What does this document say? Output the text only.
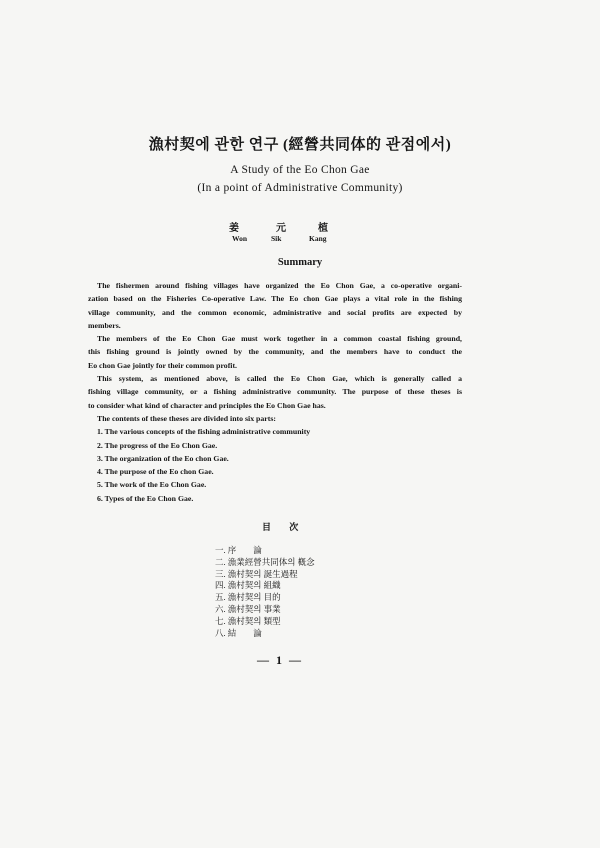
漁村契에 관한 연구 (經營共同体的 관점에서)
A Study of the Eo Chon Gae
(In a point of Administrative Community)
姜	元	植
Won	Sik	Kang
Summary
The fishermen around fishing villages have organized the Eo Chon Gae, a co-operative organi-
zation based on the Fisheries Co-operative Law. The Eo chon Gae plays a vital role in the fishing
village community, and the common economic, administrative and social profits are expected by
members.
The members of the Eo Chon Gae must work together in a common coastal fishing ground,
this fishing ground is jointly owned by the community, and the members have to conduct the
Eo chon Gae jointly for their common profit.
This system, as mentioned above, is called the Eo Chon Gae, which is generally called a
fishing village community, or a fishing administrative community. The purpose of these theses is
to consider what kind of character and principles the Eo Chon Gae has.
The contents of these theses are divided into six parts:
1. The various concepts of the fishing administrative community
2. The progress of the Eo Chon Gae.
3. The organization of the Eo chon Gae.
4. The purpose of the Eo chon Gae.
5. The work of the Eo Chon Gae.
6. Types of the Eo Chon Gae.
目 次
一. 序　　論
二. 漁業經營共同体의 槪念
三. 漁村契의 誕生過程
四. 漁村契의 組織
五. 漁村契의 目的
六. 漁村契의 事業
七. 漁村契의 類型
八. 結　　論
— 1 —
